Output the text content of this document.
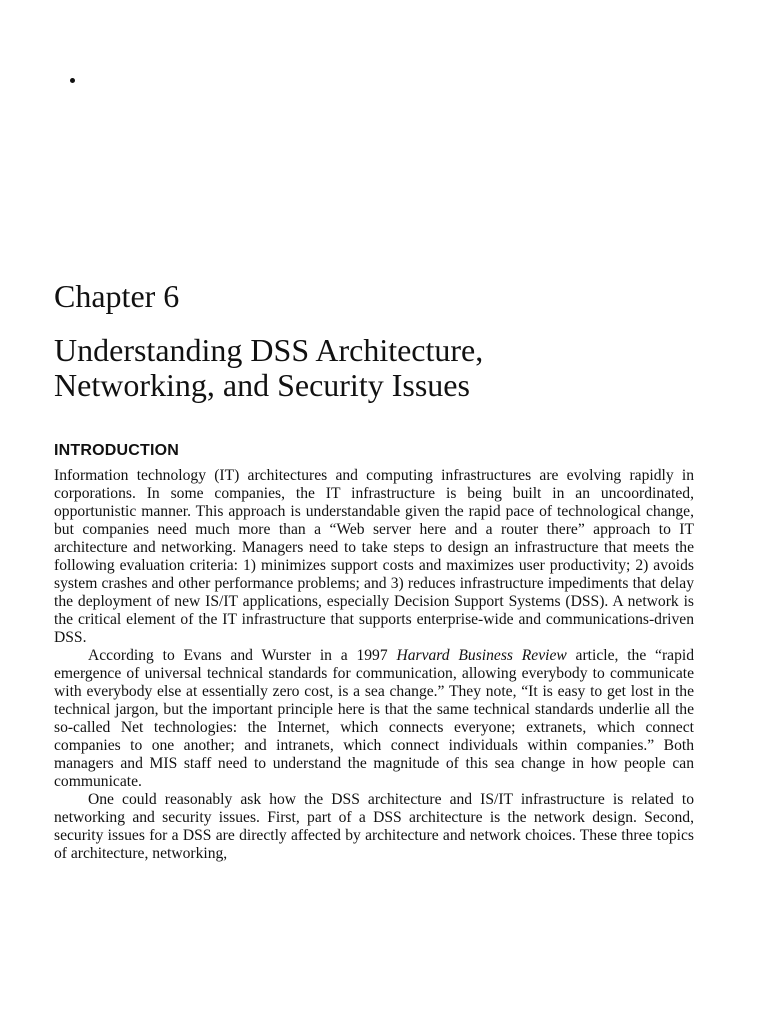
Chapter 6
Understanding DSS Architecture,
Networking, and Security Issues
INTRODUCTION

Information technology (IT) architectures and computing infrastructures are evolving rapidly in corporations. In some companies, the IT infrastructure is being built in an uncoordinated, opportunistic manner. This approach is understandable given the rapid pace of technological change, but companies need much more than a “Web server here and a router there” approach to IT architecture and networking. Managers need to take steps to design an infrastructure that meets the following evaluation criteria: 1) minimizes support costs and maximizes user productivity; 2) avoids system crashes and other performance problems; and 3) reduces infrastructure impediments that delay the deployment of new IS/IT applications, especially Decision Support Systems (DSS). A network is the critical element of the IT infrastructure that supports enterprise-wide and communications-driven DSS.

According to Evans and Wurster in a 1997 Harvard Business Review article, the “rapid emergence of universal technical standards for communication, allowing everybody to communicate with everybody else at essentially zero cost, is a sea change.” They note, “It is easy to get lost in the technical jargon, but the important principle here is that the same technical standards underlie all the so-called Net technologies: the Internet, which connects everyone; extranets, which connect companies to one another; and intranets, which connect individuals within companies.” Both managers and MIS staff need to understand the magnitude of this sea change in how people can communicate.

One could reasonably ask how the DSS architecture and IS/IT infrastructure is related to networking and security issues. First, part of a DSS architecture is the network design. Second, security issues for a DSS are directly affected by architecture and network choices. These three topics of architecture, networking,
